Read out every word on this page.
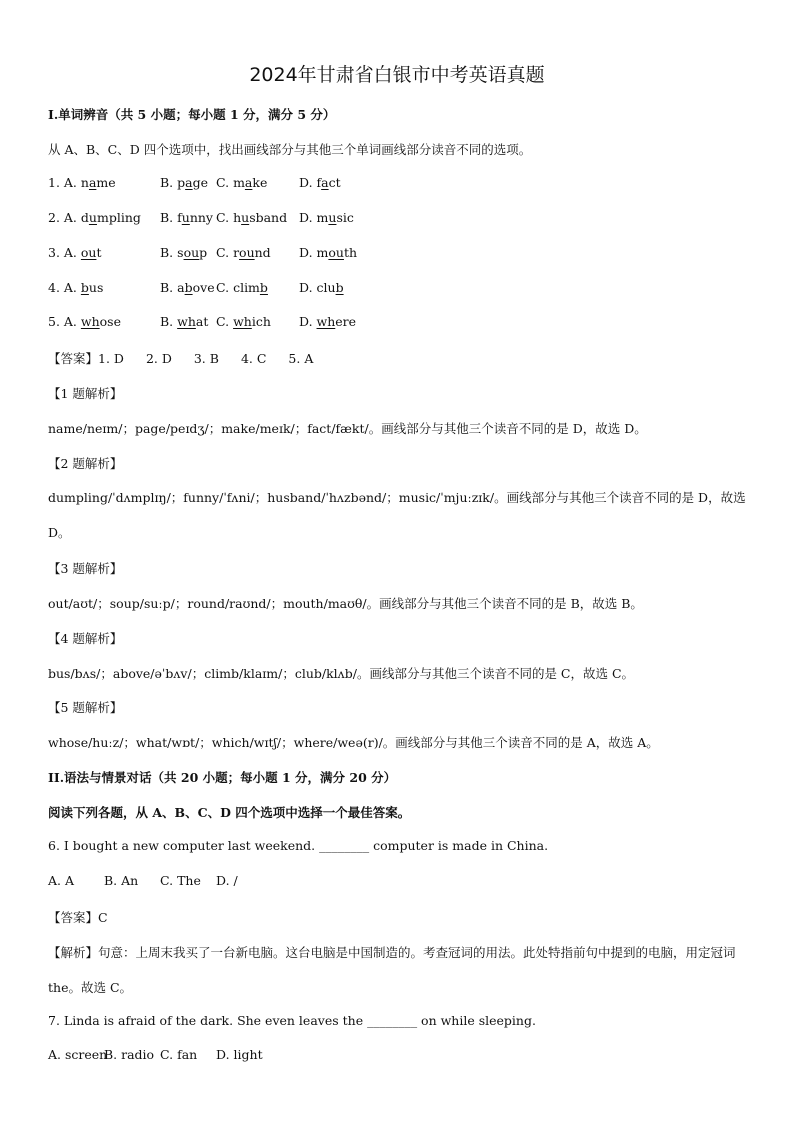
2024年甘肃省白银市中考英语真题
I.单词辨音（共 5 小题；每小题 1 分，满分 5 分）
从 A、B、C、D 四个选项中，找出画线部分与其他三个单词画线部分读音不同的选项。
1. A. name	B. page C. make	D. fact
2. A. dumpling B. funny C. husband D. music
3. A. out	B. soup C. round D. mouth
4. A. bus	B. above C. climb D. club
5. A. whose	B. what C. which D. where
【答案】1. D 2. D 3. B 4. C 5. A
【1 题解析】
name/neɪm/；page/peɪdʒ/；make/meɪk/；fact/fækt/。画线部分与其他三个读音不同的是 D，故选 D。
【2 题解析】
dumpling/ˈdʌmplɪŋ/；funny/ˈfʌni/；husband/ˈhʌzbənd/；music/ˈmjuːzɪk/。画线部分与其他三个读音不同的是 D，故选 D。
【3 题解析】
out/aʊt/；soup/suːp/；round/raʊnd/；mouth/maʊθ/。画线部分与其他三个读音不同的是 B，故选 B。
【4 题解析】
bus/bʌs/；above/əˈbʌv/；climb/klaɪm/；club/klʌb/。画线部分与其他三个读音不同的是 C，故选 C。
【5 题解析】
whose/huːz/；what/wɒt/；which/wɪtʃ/；where/weə(r)/。画线部分与其他三个读音不同的是 A，故选 A。
II.语法与情景对话（共 20 小题；每小题 1 分，满分 20 分）
阅读下列各题，从 A、B、C、D 四个选项中选择一个最佳答案。
6. I bought a new computer last weekend. ________ computer is made in China.
A. A B. An C. The D. /
【答案】C
【解析】句意：上周末我买了一台新电脑。这台电脑是中国制造的。考查冠词的用法。此处特指前句中提到的电脑，用定冠词 the。故选 C。
7. Linda is afraid of the dark. She even leaves the ________ on while sleeping.
A. screen
B. radio C. fan D. light
